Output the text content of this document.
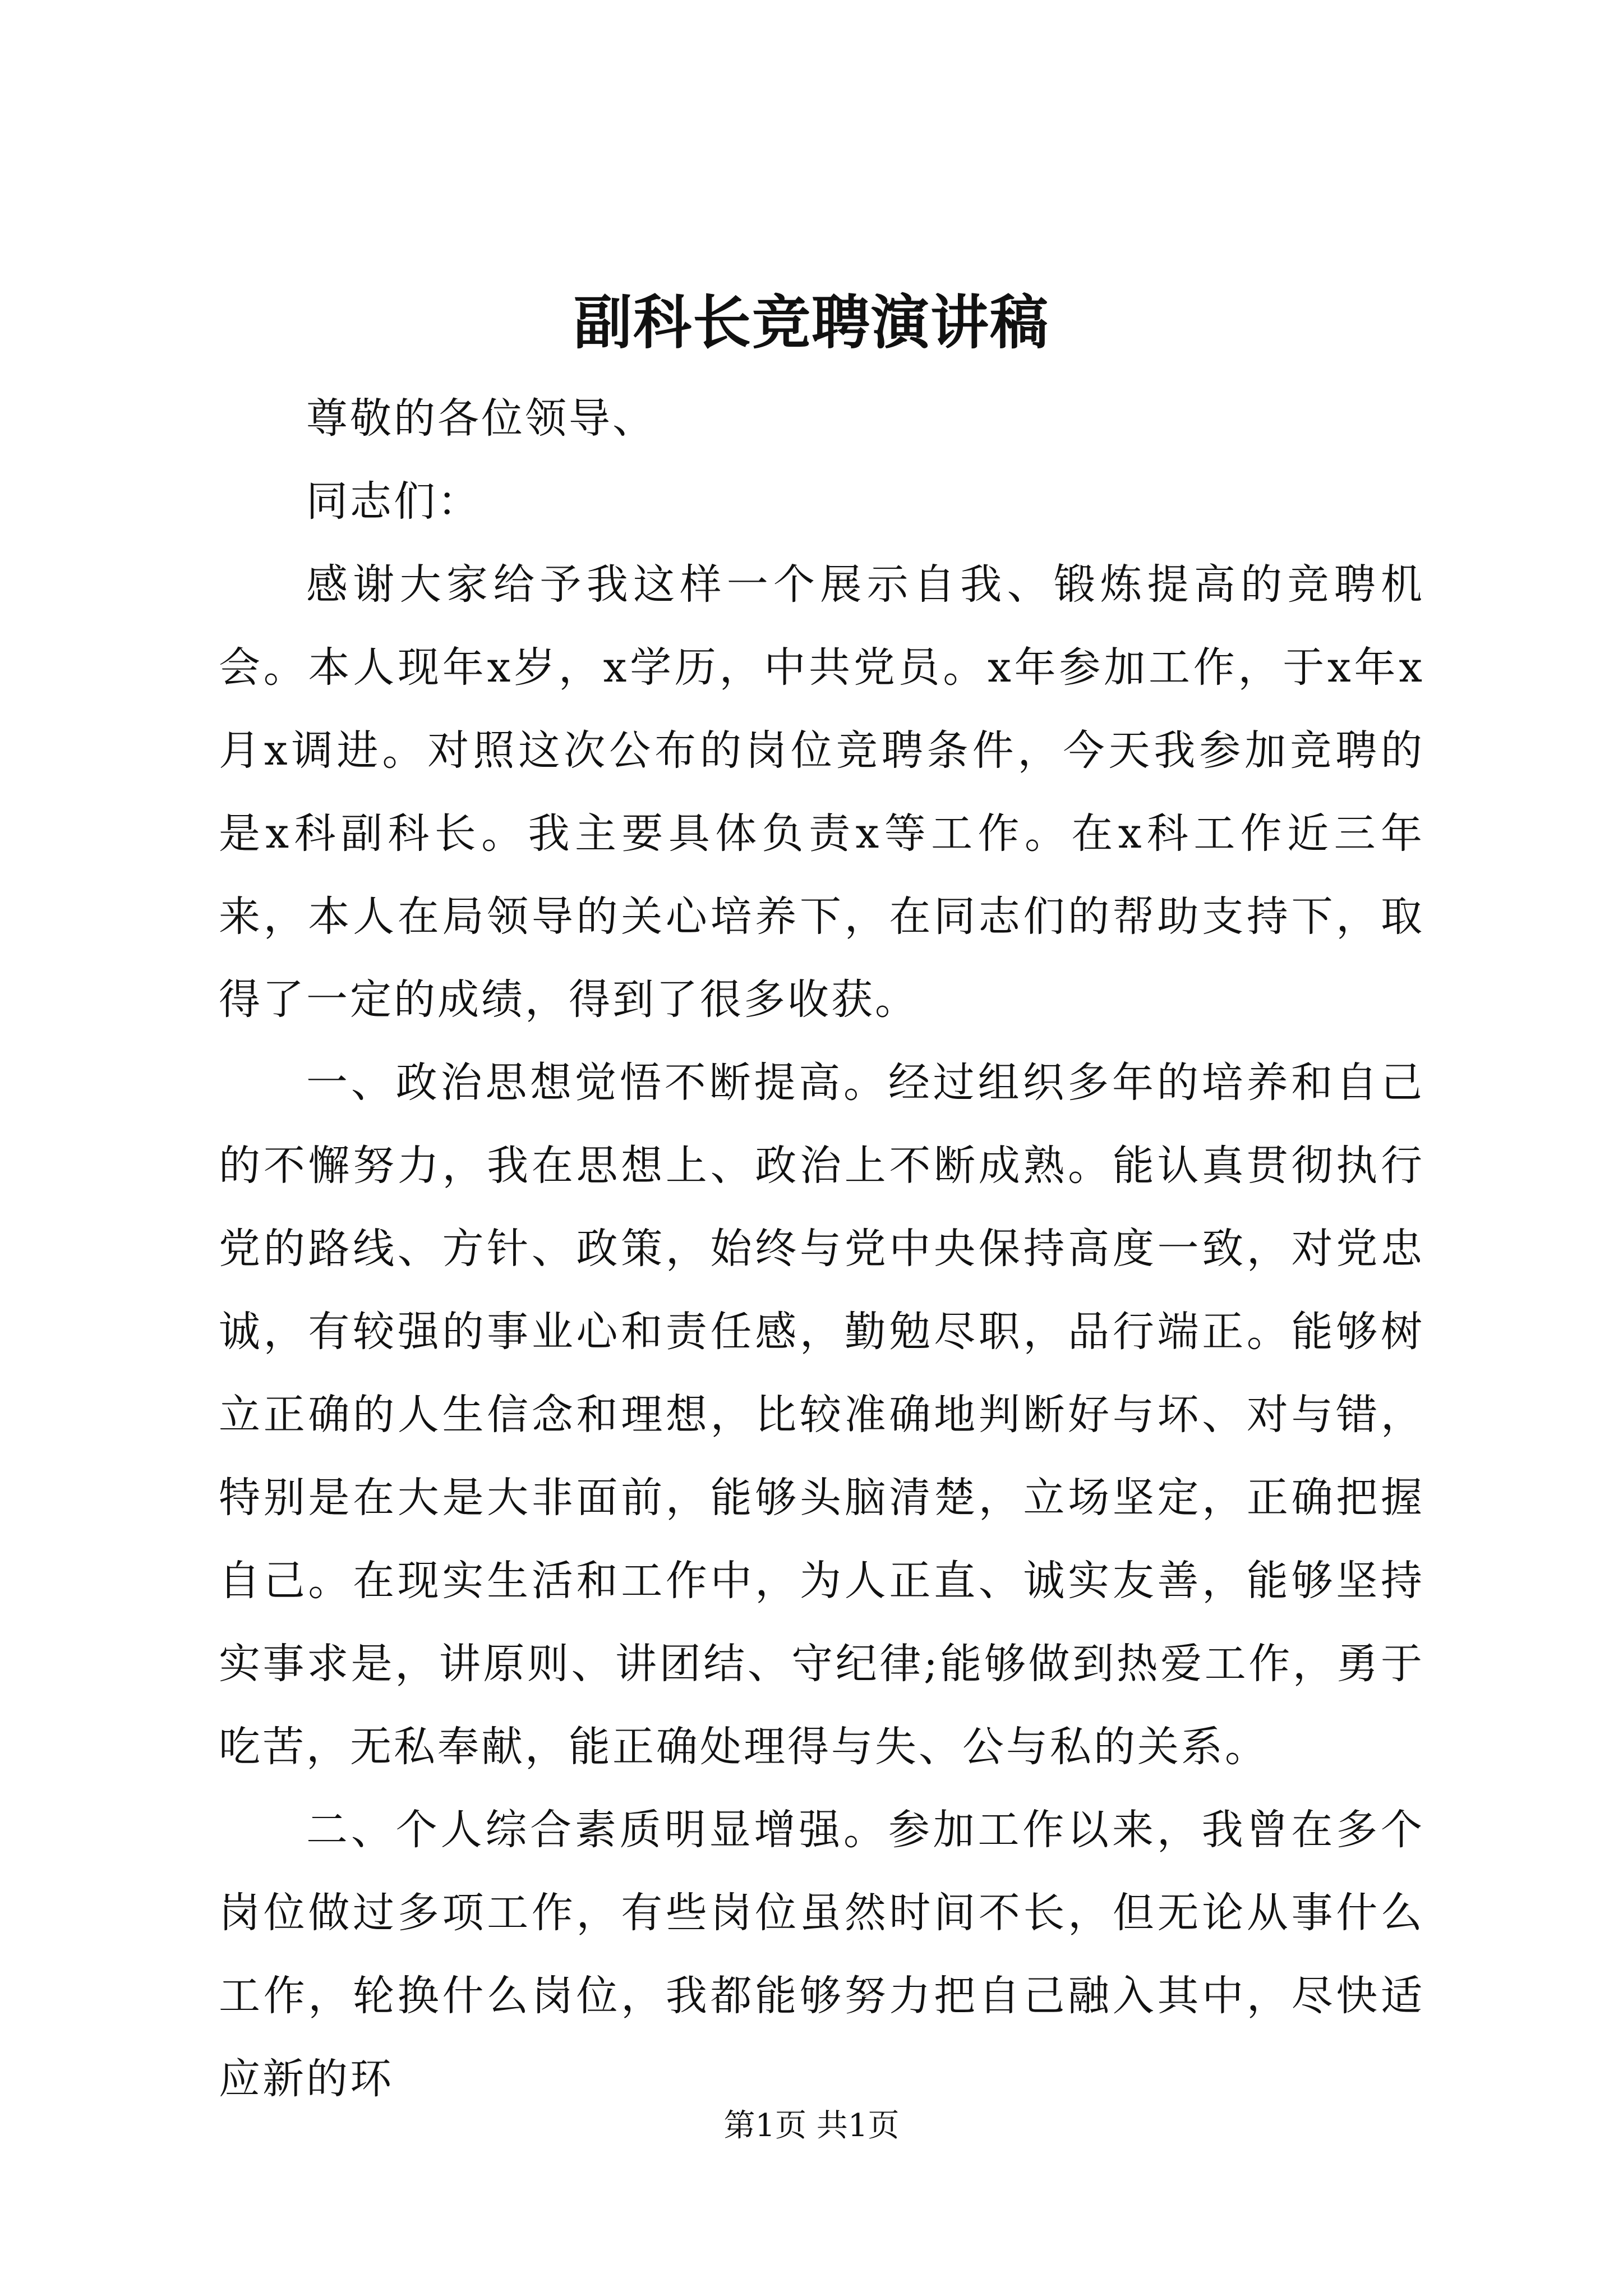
副科长竞聘演讲稿

尊敬的各位领导、

同志们：

感谢大家给予我这样一个展示自我、锻炼提高的竞聘机会。本人现年x岁，x学历，中共党员。x年参加工作，于x年x月x调进。对照这次公布的岗位竞聘条件，今天我参加竞聘的是x科副科长。我主要具体负责x等工作。在x科工作近三年来，本人在局领导的关心培养下，在同志们的帮助支持下，取得了一定的成绩，得到了很多收获。

一、政治思想觉悟不断提高。经过组织多年的培养和自己的不懈努力，我在思想上、政治上不断成熟。能认真贯彻执行党的路线、方针、政策，始终与党中央保持高度一致，对党忠诚，有较强的事业心和责任感，勤勉尽职，品行端正。能够树立正确的人生信念和理想，比较准确地判断好与坏、对与错，特别是在大是大非面前，能够头脑清楚，立场坚定，正确把握自己。在现实生活和工作中，为人正直、诚实友善，能够坚持实事求是，讲原则、讲团结、守纪律;能够做到热爱工作，勇于吃苦，无私奉献，能正确处理得与失、公与私的关系。

二、个人综合素质明显增强。参加工作以来，我曾在多个岗位做过多项工作，有些岗位虽然时间不长，但无论从事什么工作，轮换什么岗位，我都能够努力把自己融入其中，尽快适应新的环

第1页 共1页
